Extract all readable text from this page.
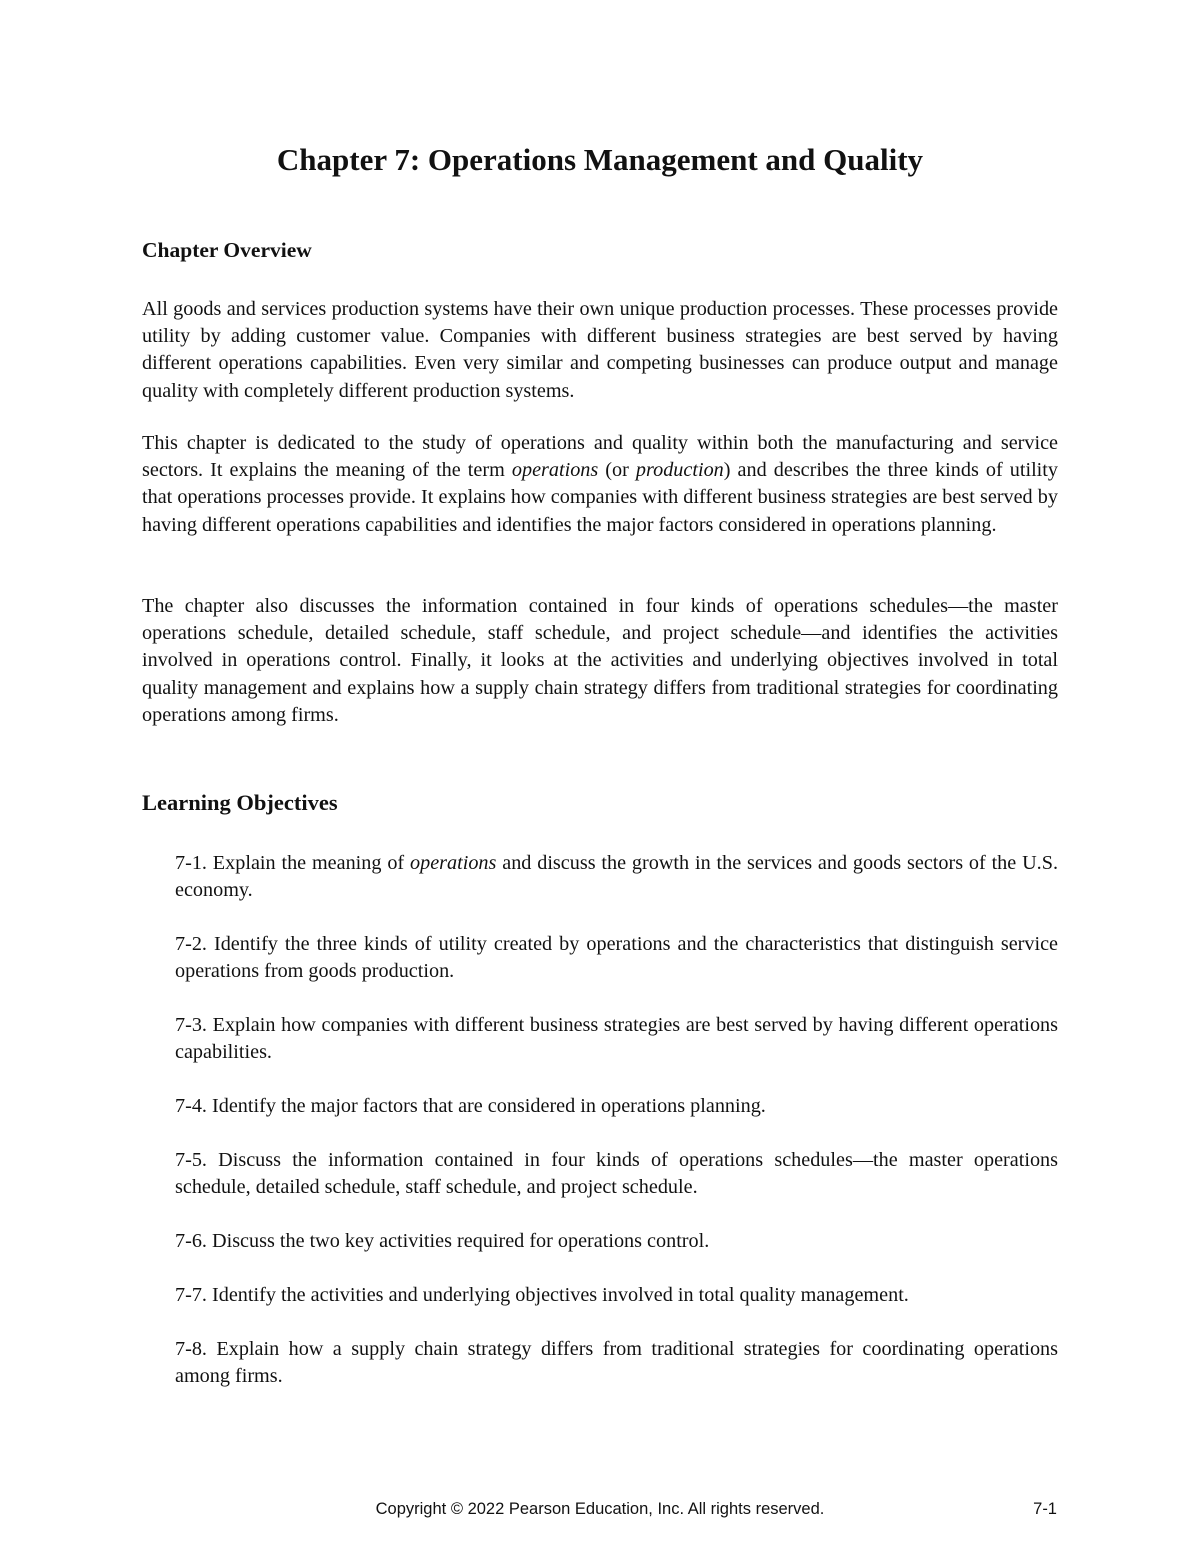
Chapter 7: Operations Management and Quality
Chapter Overview

All goods and services production systems have their own unique production processes. These processes provide utility by adding customer value. Companies with different business strategies are best served by having different operations capabilities. Even very similar and competing businesses can produce output and manage quality with completely different production systems.

This chapter is dedicated to the study of operations and quality within both the manufacturing and service sectors. It explains the meaning of the term operations (or production) and describes the three kinds of utility that operations processes provide. It explains how companies with different business strategies are best served by having different operations capabilities and identifies the major factors considered in operations planning.

The chapter also discusses the information contained in four kinds of operations schedules—the master operations schedule, detailed schedule, staff schedule, and project schedule—and identifies the activities involved in operations control. Finally, it looks at the activities and underlying objectives involved in total quality management and explains how a supply chain strategy differs from traditional strategies for coordinating operations among firms.

Learning Objectives

7-1. Explain the meaning of operations and discuss the growth in the services and goods sectors of the U.S. economy.

7-2. Identify the three kinds of utility created by operations and the characteristics that distinguish service operations from goods production.

7-3. Explain how companies with different business strategies are best served by having different operations capabilities.

7-4. Identify the major factors that are considered in operations planning.

7-5. Discuss the information contained in four kinds of operations schedules—the master operations schedule, detailed schedule, staff schedule, and project schedule.

7-6. Discuss the two key activities required for operations control.

7-7. Identify the activities and underlying objectives involved in total quality management.

7-8. Explain how a supply chain strategy differs from traditional strategies for coordinating operations among firms.

Copyright © 2022 Pearson Education, Inc. All rights reserved.	7-1
